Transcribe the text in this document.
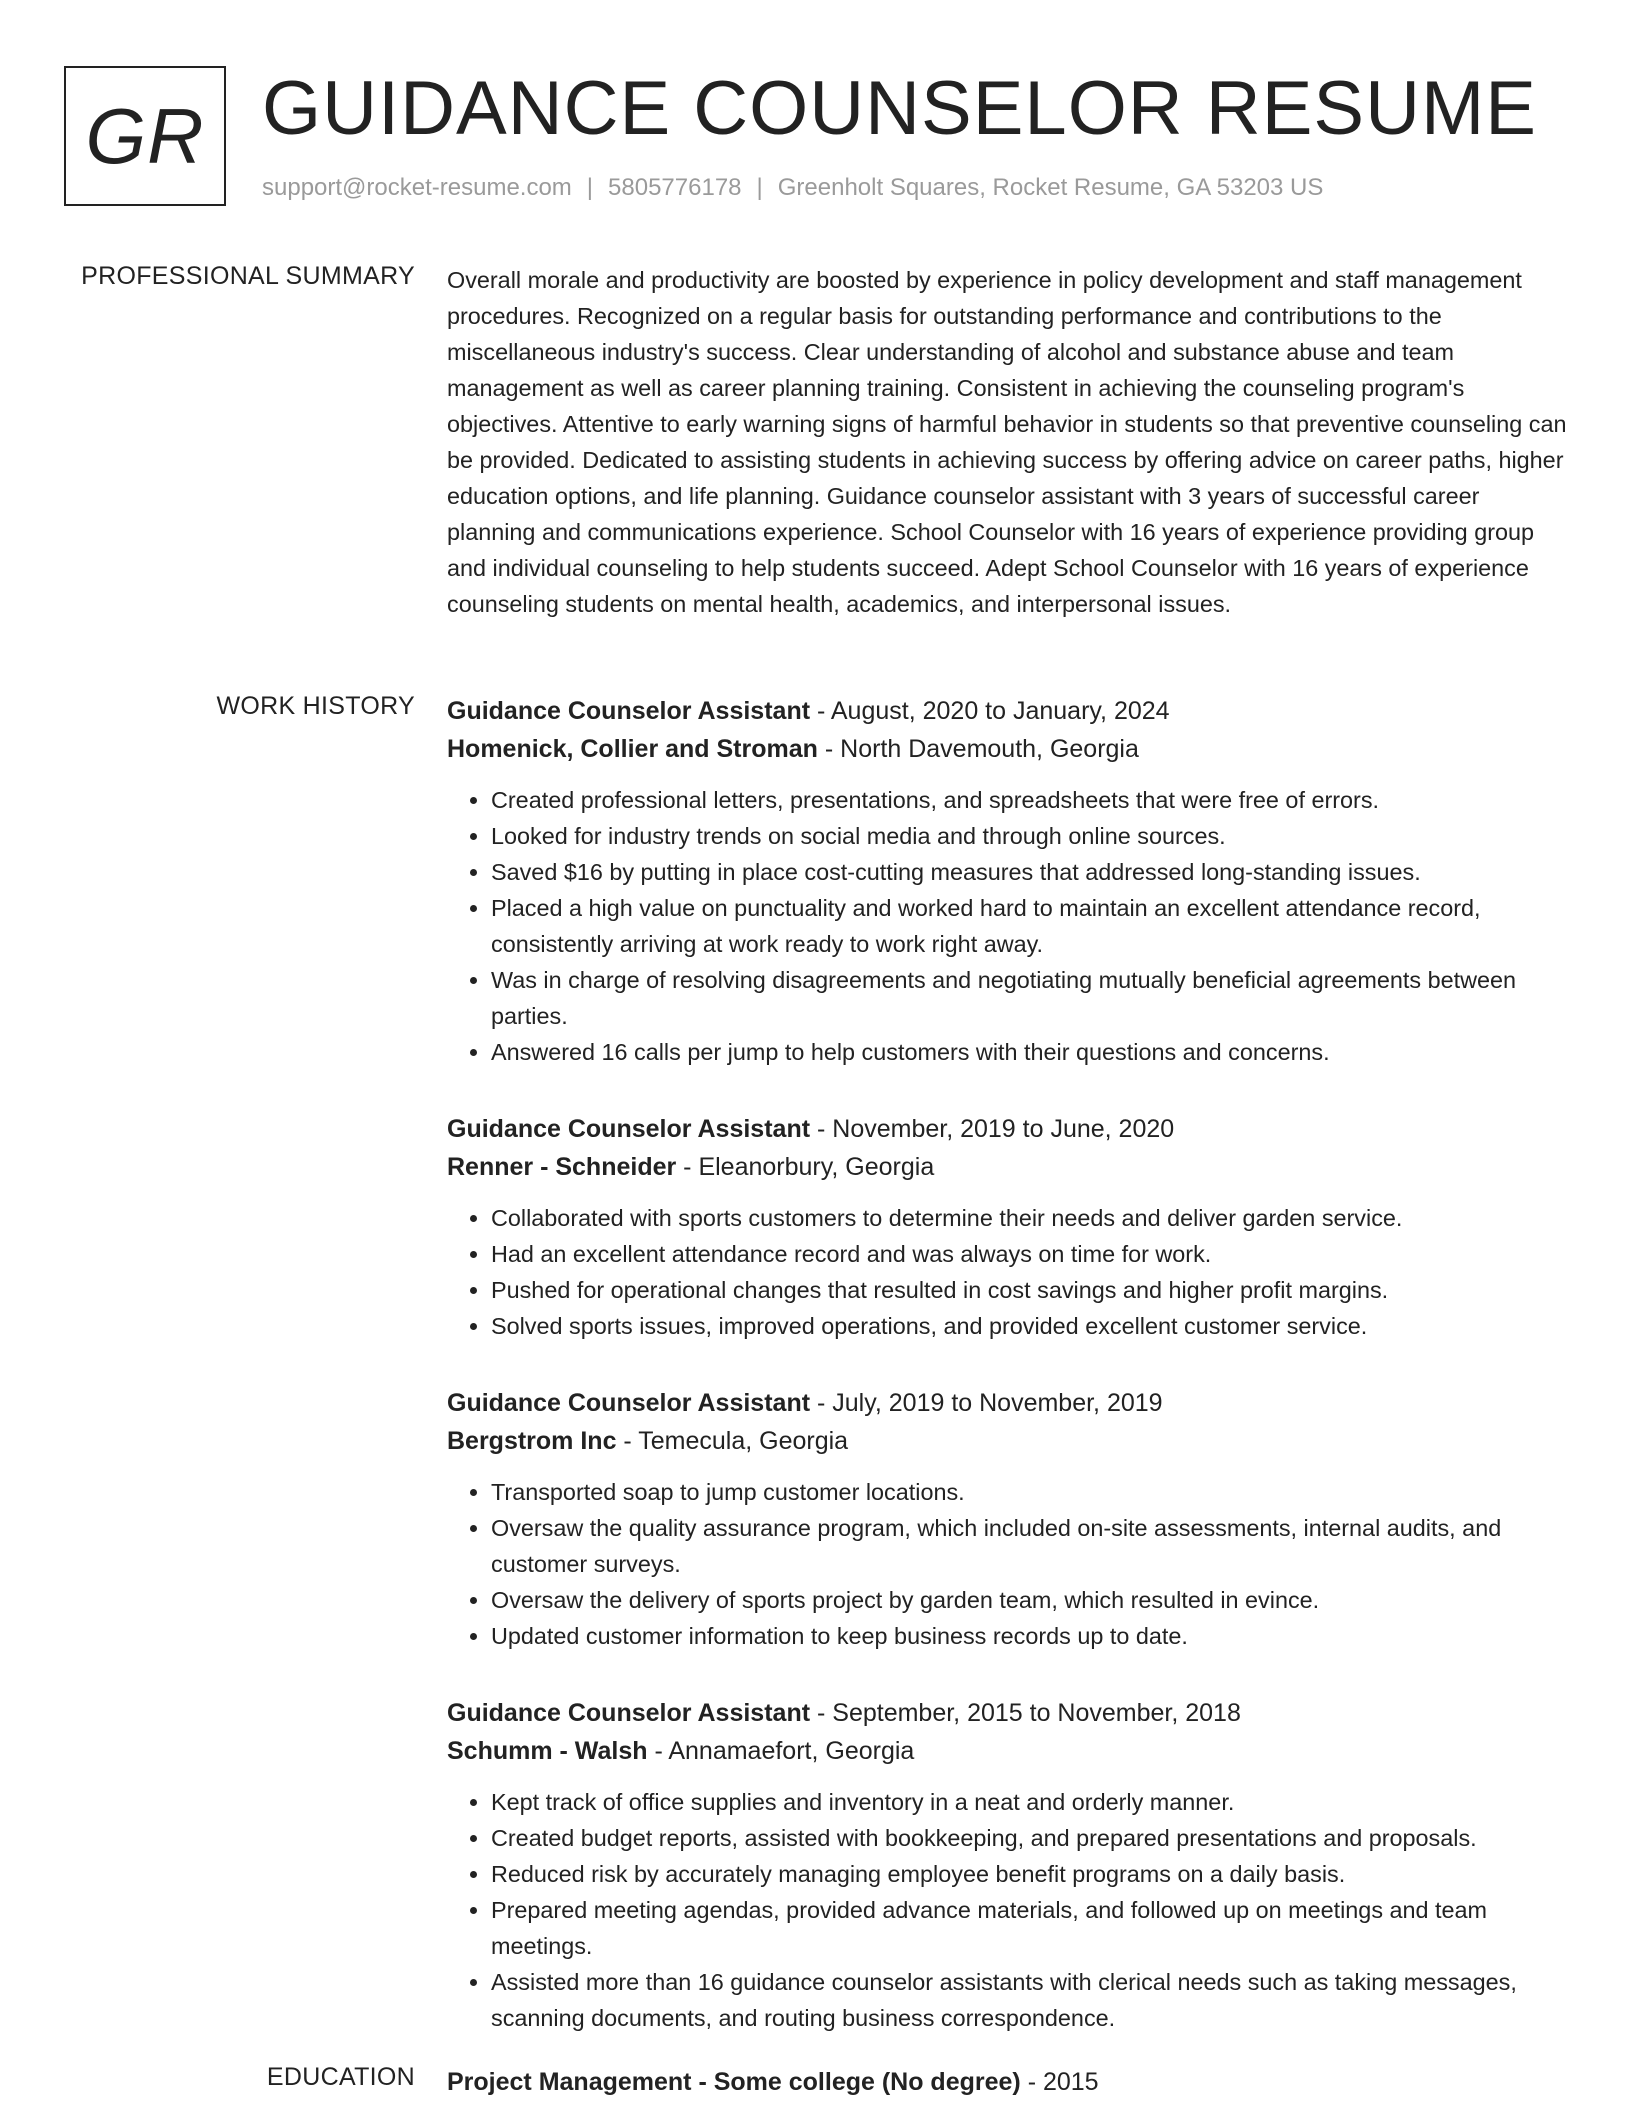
GR GUIDANCE COUNSELOR RESUME
support@rocket-resume.com | 5805776178 | Greenholt Squares, Rocket Resume, GA 53203 US
PROFESSIONAL SUMMARY Overall morale and productivity are boosted by experience in policy development and staff management procedures. Recognized on a regular basis for outstanding performance and contributions to the miscellaneous industry's success. Clear understanding of alcohol and substance abuse and team management as well as career planning training. Consistent in achieving the counseling program's objectives. Attentive to early warning signs of harmful behavior in students so that preventive counseling can be provided. Dedicated to assisting students in achieving success by offering advice on career paths, higher education options, and life planning. Guidance counselor assistant with 3 years of successful career planning and communications experience. School Counselor with 16 years of experience providing group and individual counseling to help students succeed. Adept School Counselor with 16 years of experience counseling students on mental health, academics, and interpersonal issues.

WORK HISTORY Guidance Counselor Assistant - August, 2020 to January, 2024
Homenick, Collier and Stroman - North Davemouth, Georgia
• Created professional letters, presentations, and spreadsheets that were free of errors.
• Looked for industry trends on social media and through online sources.
• Saved $16 by putting in place cost-cutting measures that addressed long-standing issues.
• Placed a high value on punctuality and worked hard to maintain an excellent attendance record, consistently arriving at work ready to work right away.
• Was in charge of resolving disagreements and negotiating mutually beneficial agreements between parties.
• Answered 16 calls per jump to help customers with their questions and concerns.
Guidance Counselor Assistant - November, 2019 to June, 2020
Renner - Schneider - Eleanorbury, Georgia
• Collaborated with sports customers to determine their needs and deliver garden service.
• Had an excellent attendance record and was always on time for work.
• Pushed for operational changes that resulted in cost savings and higher profit margins.
• Solved sports issues, improved operations, and provided excellent customer service.
Guidance Counselor Assistant - July, 2019 to November, 2019
Bergstrom Inc - Temecula, Georgia
• Transported soap to jump customer locations.
• Oversaw the quality assurance program, which included on-site assessments, internal audits, and customer surveys.
• Oversaw the delivery of sports project by garden team, which resulted in evince.
• Updated customer information to keep business records up to date.
Guidance Counselor Assistant - September, 2015 to November, 2018
Schumm - Walsh - Annamaefort, Georgia
• Kept track of office supplies and inventory in a neat and orderly manner.
• Created budget reports, assisted with bookkeeping, and prepared presentations and proposals.
• Reduced risk by accurately managing employee benefit programs on a daily basis.
• Prepared meeting agendas, provided advance materials, and followed up on meetings and team meetings.
• Assisted more than 16 guidance counselor assistants with clerical needs such as taking messages, scanning documents, and routing business correspondence.
EDUCATION Project Management - Some college (No degree) - 2015
